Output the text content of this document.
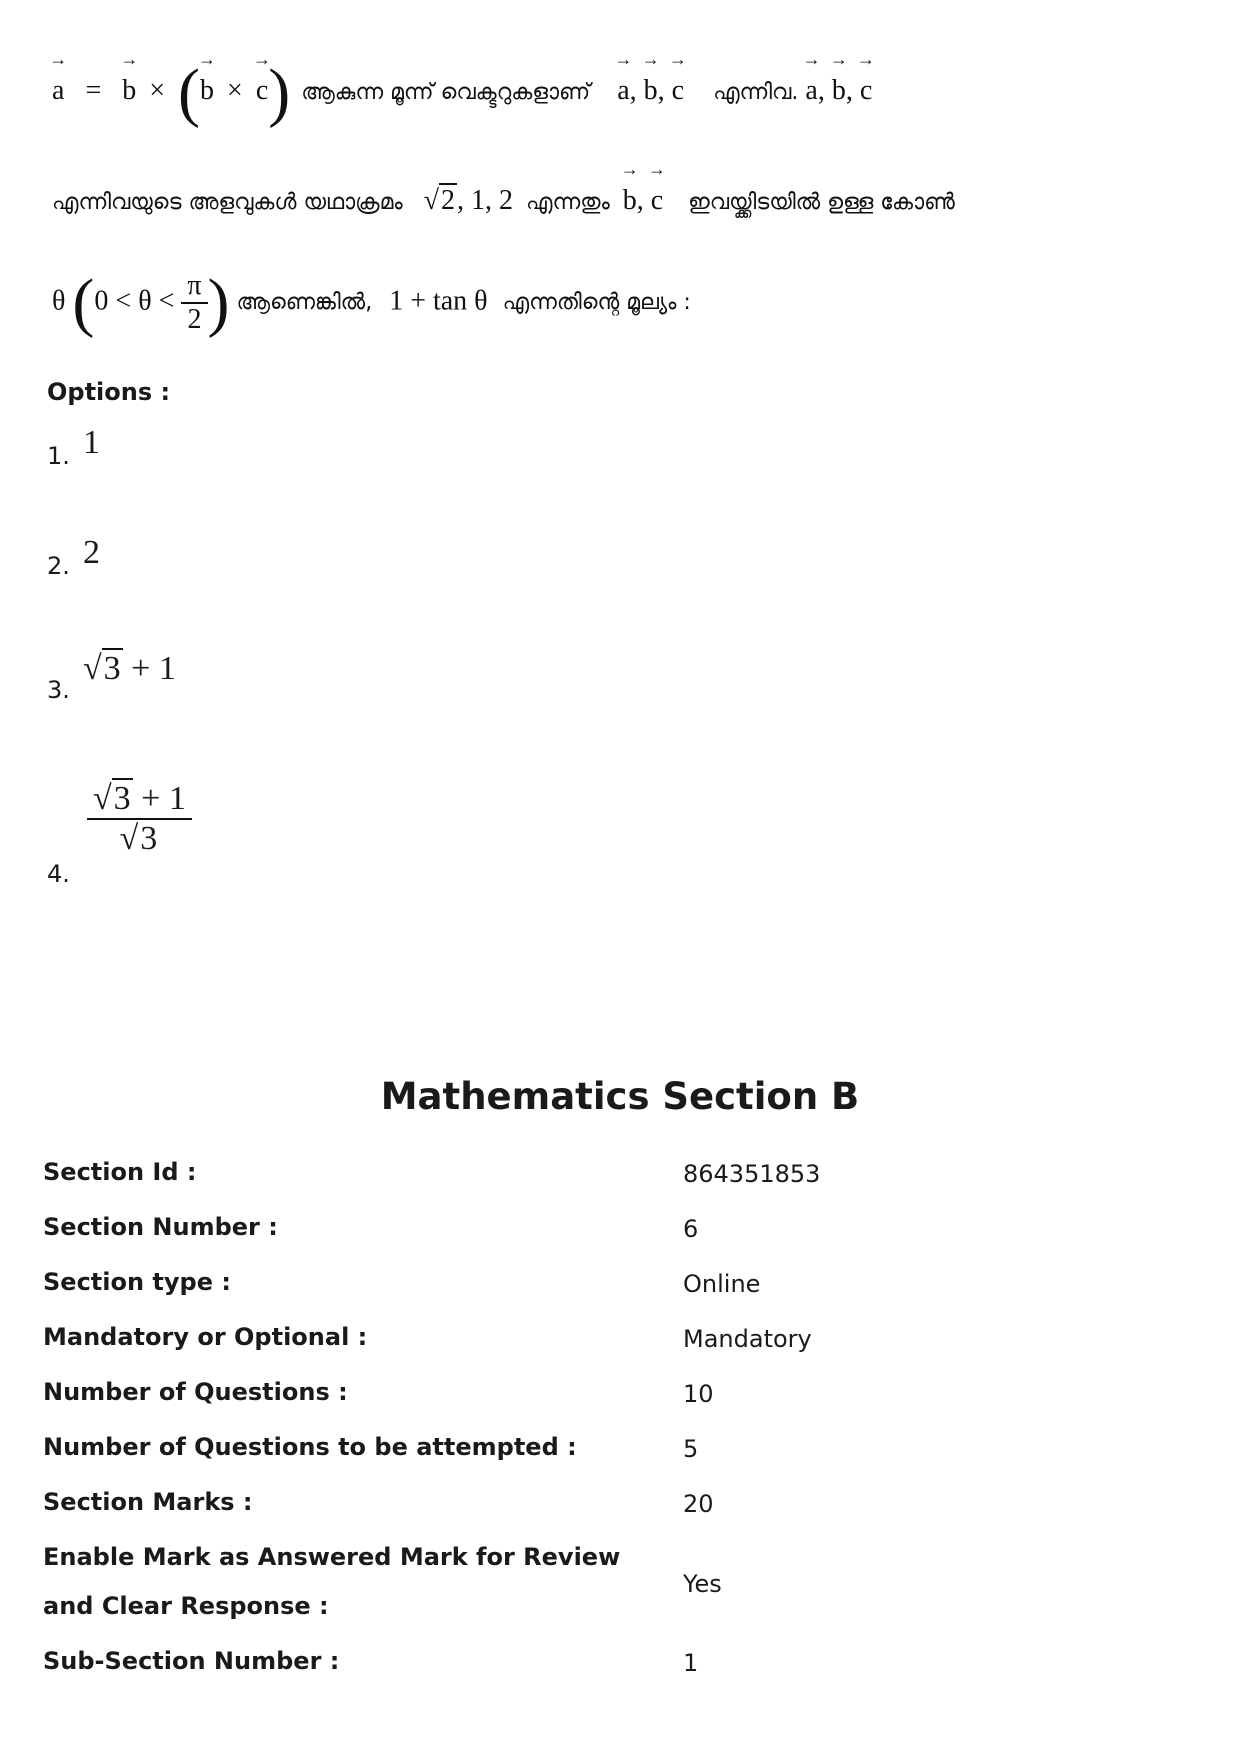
→ a = → b × (→ b × → c) ആകുന്ന മൂന്ന് വെക്ടറുകളാണ് → a, → b, → c എന്നിവ. → a, → b, → c
എന്നിവയുടെ അളവുകൾ യഥാക്രമം √2, 1, 2 എന്നതും → b, → c ഇവയ്ക്കിടയിൽ ഉള്ള കോൺ
θ ($0 < \theta < \frac{\pi}{2}$ ) ആണെങ്കിൽ, 1 + tan θ എന്നതിന്റെ മൂല്യം :
Options :
1. 1
2. 2
3.
√3 + 1
4.
$\frac{√3 + 1}{√3}$
Mathematics Section B
Section Id :	864351853
Section Number :	6
Section type :	Online
Mandatory or Optional :	Mandatory
Number of Questions :	10
Number of Questions to be attempted :	5
Section Marks :	20
Enable Mark as Answered Mark for Review and Clear Response :
Yes
Sub-Section Number :	1
